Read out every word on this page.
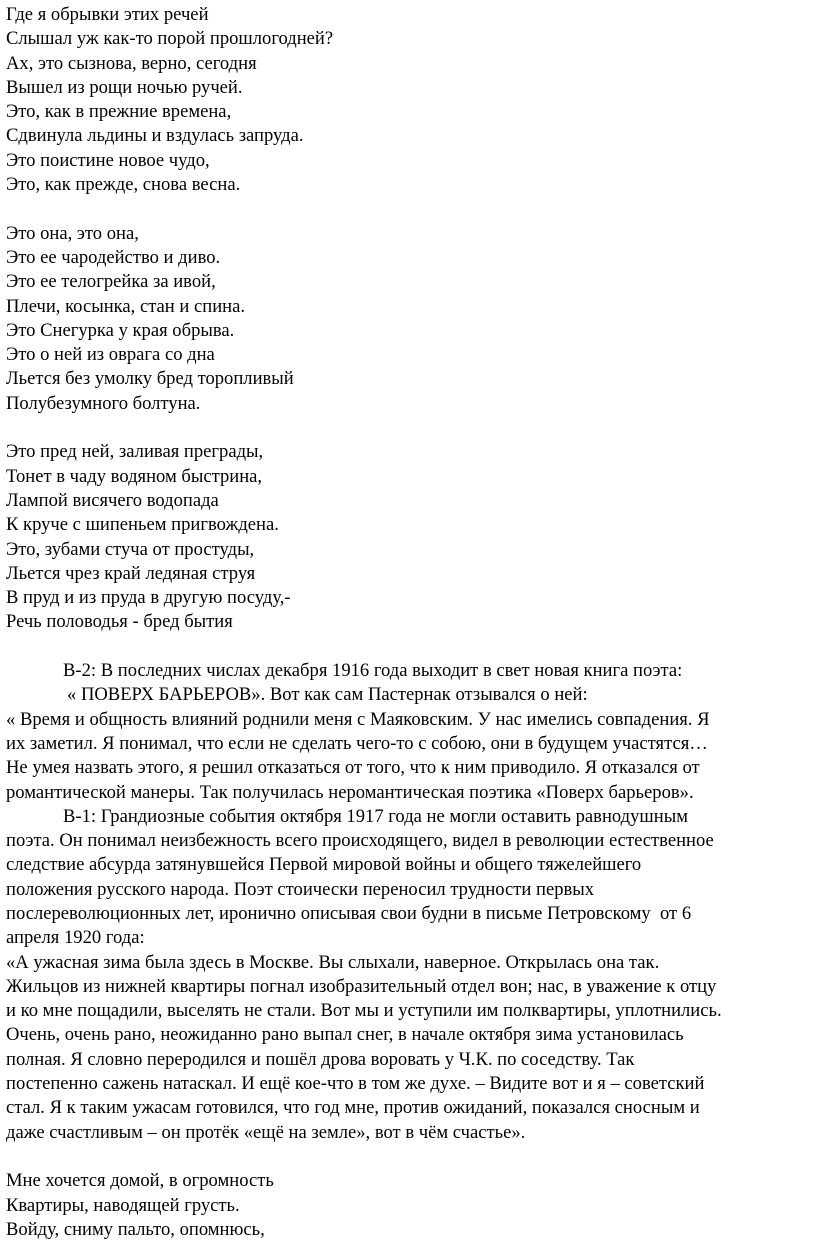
Где я обрывки этих речей
Слышал уж как-то порой прошлогодней?
Ах, это сызнова, верно, сегодня
Вышел из рощи ночью ручей.
Это, как в прежние времена,
Сдвинула льдины и вздулась запруда.
Это поистине новое чудо,
Это, как прежде, снова весна.
Это она, это она,
Это ее чародейство и диво.
Это ее телогрейка за ивой,
Плечи, косынка, стан и спина.
Это Снегурка у края обрыва.
Это о ней из оврага со дна
Льется без умолку бред торопливый
Полубезумного болтуна.
Это пред ней, заливая преграды,
Тонет в чаду водяном быстрина,
Лампой висячего водопада
К круче с шипеньем пригвождена.
Это, зубами стуча от простуды,
Льется чрез край ледяная струя
В пруд и из пруда в другую посуду,-
Речь половодья - бред бытия
В-2: В последних числах декабря 1916 года выходит в свет новая книга поэта:
« ПОВЕРХ БАРЬЕРОВ». Вот как сам Пастернак отзывался о ней:
« Время и общность влияний роднили меня с Маяковским. У нас имелись совпадения. Я
их заметил. Я понимал, что если не сделать чего-то с собою, они в будущем участятся…
Не умея назвать этого, я решил отказаться от того, что к ним приводило. Я отказался от
романтической манеры. Так получилась неромантическая поэтика «Поверх барьеров».
В-1: Грандиозные события октября 1917 года не могли оставить равнодушным
поэта. Он понимал неизбежность всего происходящего, видел в революции естественное
следствие абсурда затянувшейся Первой мировой войны и общего тяжелейшего
положения русского народа. Поэт стоически переносил трудности первых
послереволюционных лет, иронично описывая свои будни в письме Петровскому  от 6
апреля 1920 года:
«А ужасная зима была здесь в Москве. Вы слыхали, наверное. Открылась она так.
Жильцов из нижней квартиры погнал изобразительный отдел вон; нас, в уважение к отцу
и ко мне пощадили, выселять не стали. Вот мы и уступили им полквартиры, уплотнились.
Очень, очень рано, неожиданно рано выпал снег, в начале октября зима установилась
полная. Я словно переродился и пошёл дрова воровать у Ч.К. по соседству. Так
постепенно сажень натаскал. И ещё кое-что в том же духе. – Видите вот и я – советский
стал. Я к таким ужасам готовился, что год мне, против ожиданий, показался сносным и
даже счастливым – он протёк «ещё на земле», вот в чём счастье».
Мне хочется домой, в огромность
Квартиры, наводящей грусть.
Войду, сниму пальто, опомнюсь,
